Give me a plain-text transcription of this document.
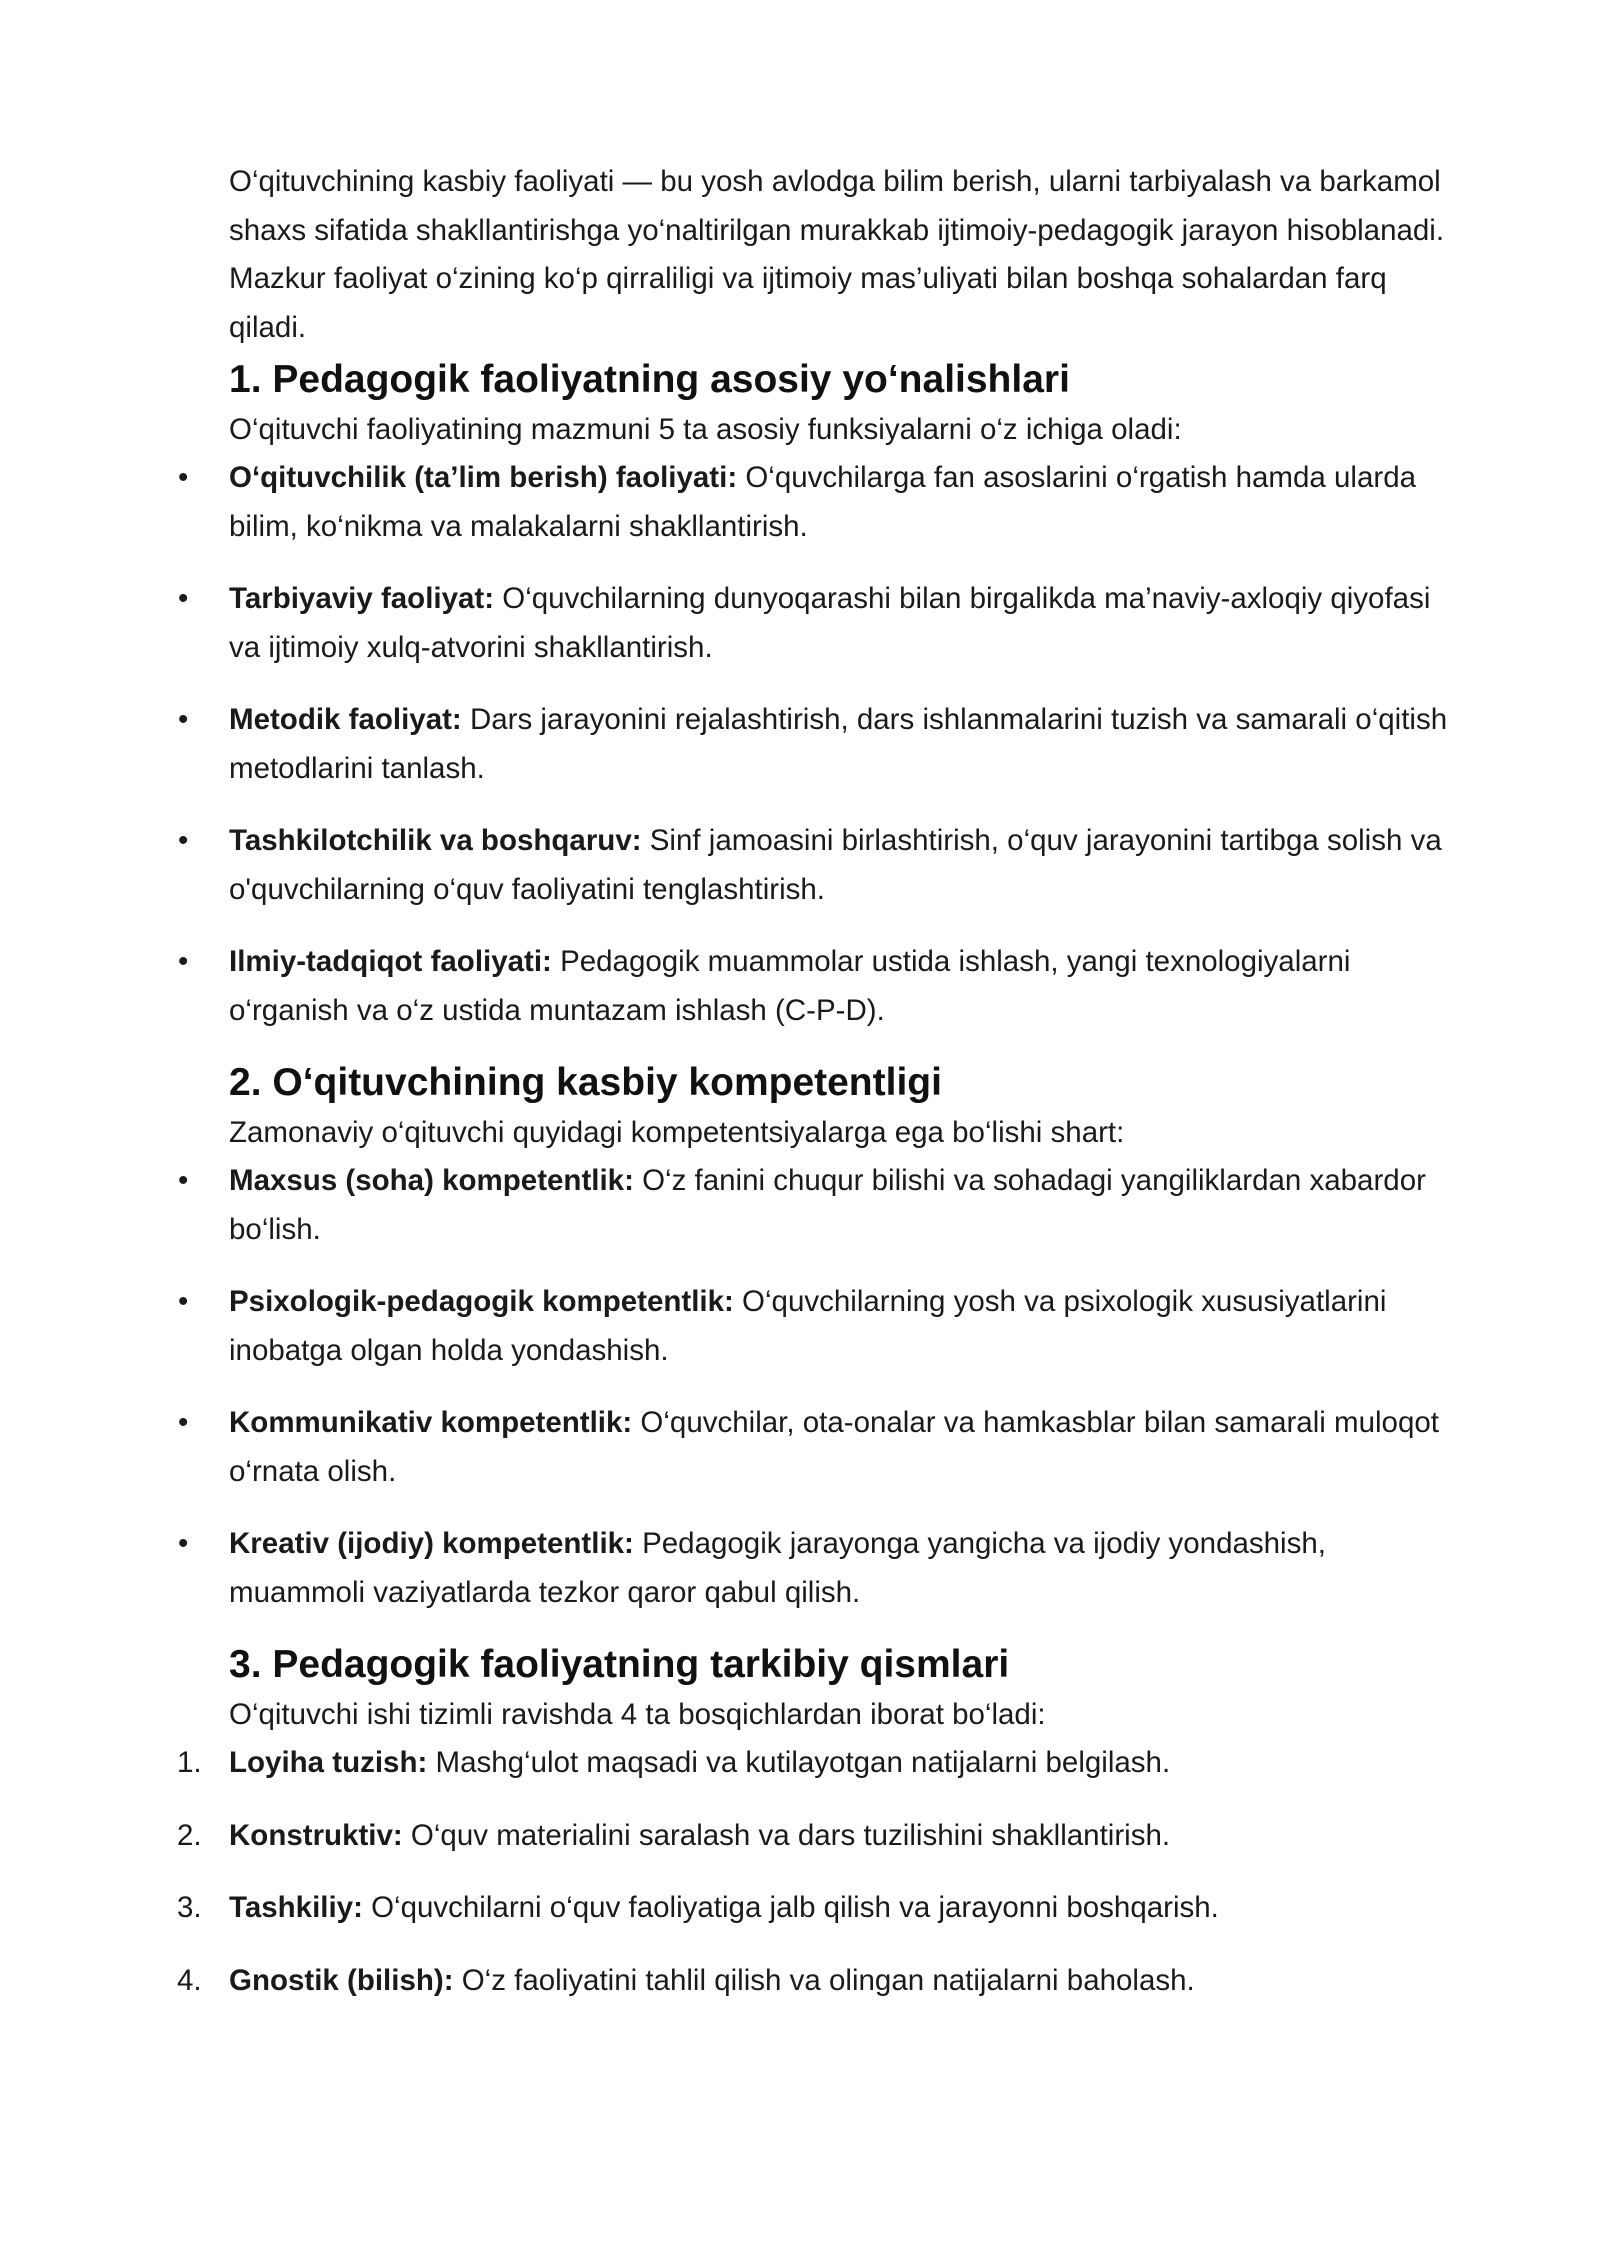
O‘qituvchining kasbiy faoliyati — bu yosh avlodga bilim berish, ularni tarbiyalash va barkamol shaxs sifatida shakllantirishga yo‘naltirilgan murakkab ijtimoiy-pedagogik jarayon hisoblanadi. Mazkur faoliyat o‘zining ko‘p qirraliligi va ijtimoiy mas’uliyati bilan boshqa sohalardan farq qiladi.

1. Pedagogik faoliyatning asosiy yo‘nalishlari

O‘qituvchi faoliyatining mazmuni 5 ta asosiy funksiyalarni o‘z ichiga oladi:

• O‘qituvchilik (ta’lim berish) faoliyati: O‘quvchilarga fan asoslarini o‘rgatish hamda ularda bilim, ko‘nikma va malakalarni shakllantirish.
• Tarbiyaviy faoliyat: O‘quvchilarning dunyoqarashi bilan birgalikda ma’naviy-axloqiy qiyofasi va ijtimoiy xulq-atvorini shakllantirish.
• Metodik faoliyat: Dars jarayonini rejalashtirish, dars ishlanmalarini tuzish va samarali o‘qitish metodlarini tanlash.
• Tashkilotchilik va boshqaruv: Sinf jamoasini birlashtirish, o‘quv jarayonini tartibga solish va o'quvchilarning o‘quv faoliyatini tenglashtirish.
• Ilmiy-tadqiqot faoliyati: Pedagogik muammolar ustida ishlash, yangi texnologiyalarni o‘rganish va o‘z ustida muntazam ishlash (C-P-D).
2. O‘qituvchining kasbiy kompetentligi

Zamonaviy o‘qituvchi quyidagi kompetentsiyalarga ega bo‘lishi shart:

• Maxsus (soha) kompetentlik: O‘z fanini chuqur bilishi va sohadagi yangiliklardan xabardor bo‘lish.
• Psixologik-pedagogik kompetentlik: O‘quvchilarning yosh va psixologik xususiyatlarini inobatga olgan holda yondashish.
• Kommunikativ kompetentlik: O‘quvchilar, ota-onalar va hamkasblar bilan samarali muloqot o‘rnata olish.
• Kreativ (ijodiy) kompetentlik: Pedagogik jarayonga yangicha va ijodiy yondashish, muammoli vaziyatlarda tezkor qaror qabul qilish.
3. Pedagogik faoliyatning tarkibiy qismlari

O‘qituvchi ishi tizimli ravishda 4 ta bosqichlardan iborat bo‘ladi:

1. Loyiha tuzish: Mashg‘ulot maqsadi va kutilayotgan natijalarni belgilash.
2. Konstruktiv: O‘quv materialini saralash va dars tuzilishini shakllantirish.
3. Tashkiliy: O‘quvchilarni o‘quv faoliyatiga jalb qilish va jarayonni boshqarish.
4. Gnostik (bilish): O‘z faoliyatini tahlil qilish va olingan natijalarni baholash.
